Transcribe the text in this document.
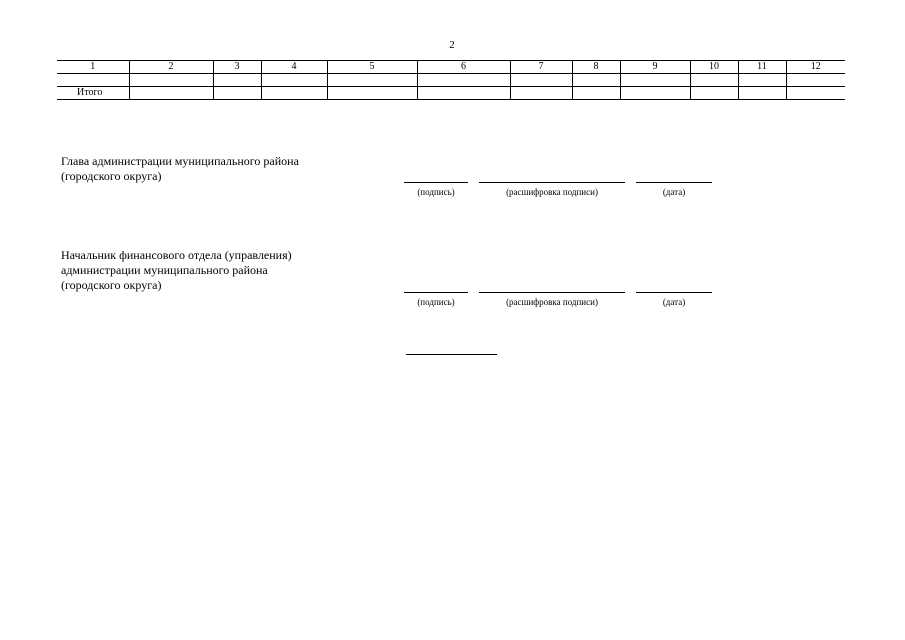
2
1	2	3	4	5	6	7	8	9	10	11	12

Итого											
Глава администрации муниципального района
(городского округа)
(подпись)	(расшифровка подписи)	(дата)
Начальник финансового отдела (управления)
администрации муниципального района
(городского округа)
(подпись)	(расшифровка подписи)	(дата)
